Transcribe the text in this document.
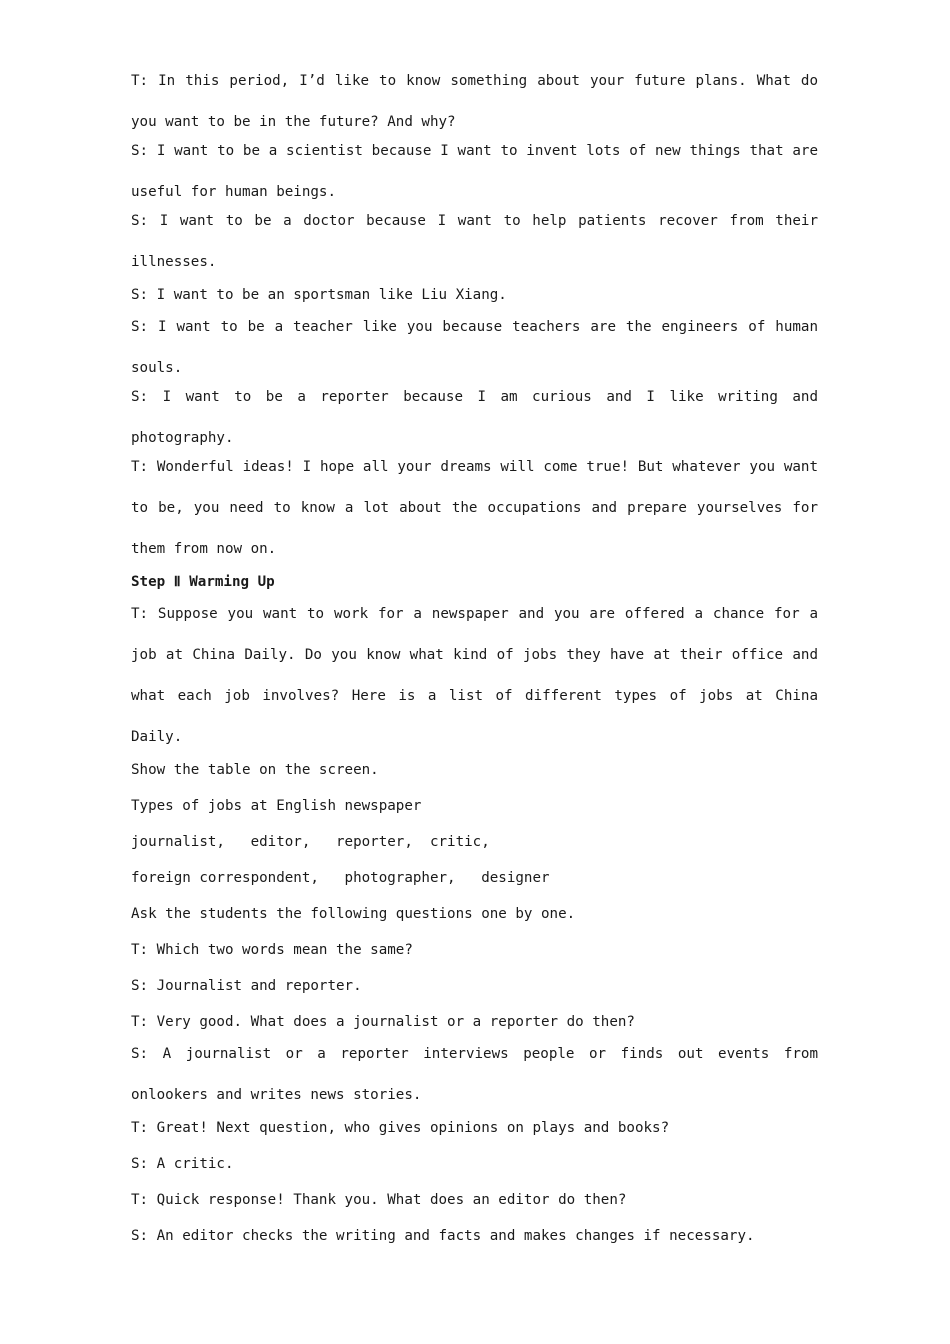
T: In this period, I’d like to know something about your future plans. What do you want to be in the future? And why?

S: I want to be a scientist because I want to invent lots of new things that are useful for human beings.

S: I want to be a doctor because I want to help patients recover from their illnesses.

S: I want to be an sportsman like Liu Xiang.

S: I want to be a teacher like you because teachers are the engineers of human souls.

S: I want to be a reporter because I am curious and I like writing and photography.

T: Wonderful ideas! I hope all your dreams will come true! But whatever you want to be, you need to know a lot about the occupations and prepare yourselves for them from now on.

Step Ⅱ Warming Up

T: Suppose you want to work for a newspaper and you are offered a chance for a job at China Daily. Do you know what kind of jobs they have at their office and what each job involves? Here is a list of different types of jobs at China Daily.

Show the table on the screen.

Types of jobs at English newspaper

journalist,   editor,   reporter,  critic,

foreign correspondent,   photographer,   designer

Ask the students the following questions one by one.

T: Which two words mean the same?

S: Journalist and reporter.

T: Very good. What does a journalist or a reporter do then?

S: A journalist or a reporter interviews people or finds out events from onlookers and writes news stories.

T: Great! Next question, who gives opinions on plays and books?

S: A critic.

T: Quick response! Thank you. What does an editor do then?

S: An editor checks the writing and facts and makes changes if necessary.
